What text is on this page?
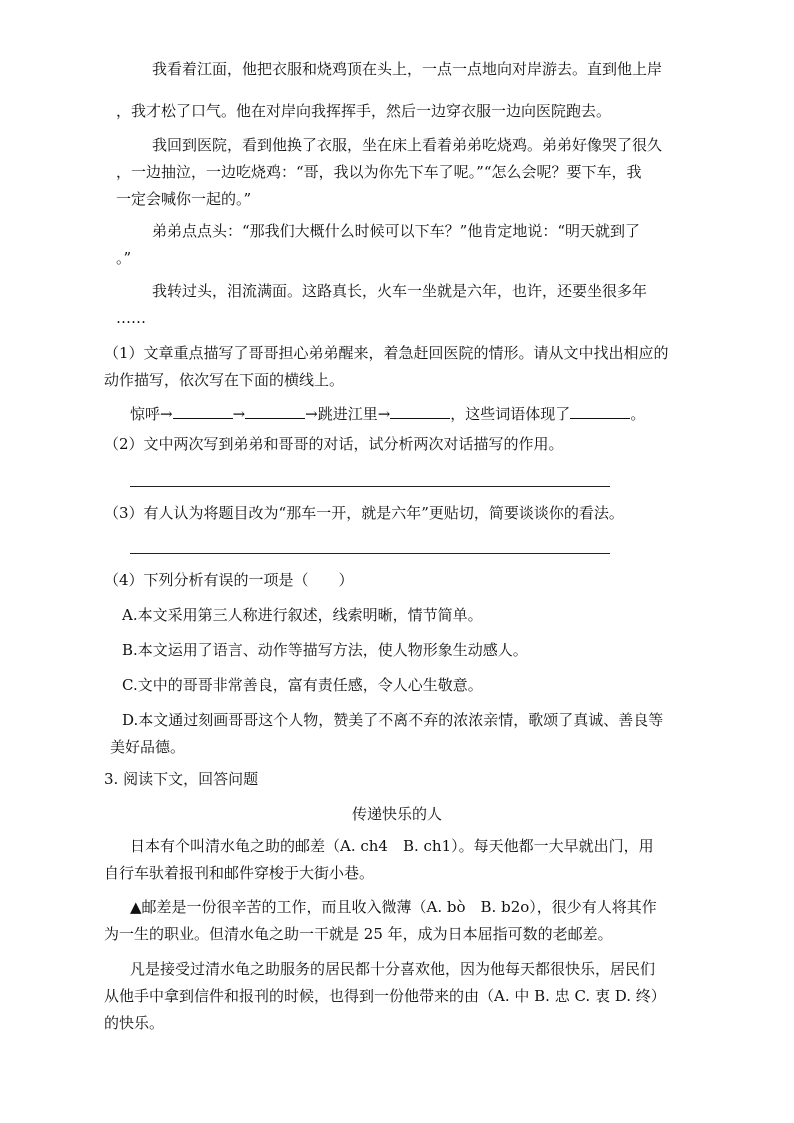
我看着江面，他把衣服和烧鸡顶在头上，一点一点地向对岸游去。直到他上岸
，我才松了口气。他在对岸向我挥挥手，然后一边穿衣服一边向医院跑去。
我回到医院，看到他换了衣服，坐在床上看着弟弟吃烧鸡。弟弟好像哭了很久
，一边抽泣，一边吃烧鸡：“哥，我以为你先下车了呢。”“怎么会呢？要下车，我
一定会喊你一起的。”
弟弟点点头：“那我们大概什么时候可以下车？”他肯定地说：“明天就到了
。”
我转过头，泪流满面。这路真长，火车一坐就是六年，也许，还要坐很多年
……
（1）文章重点描写了哥哥担心弟弟醒来，着急赶回医院的情形。请从文中找出相应的
动作描写，依次写在下面的横线上。
惊呼→	→	→跳进江里→	，这些词语体现了	。
（2）文中两次写到弟弟和哥哥的对话，试分析两次对话描写的作用。
（3）有人认为将题目改为“那车一开，就是六年”更贴切，简要谈谈你的看法。
（4）下列分析有误的一项是（　　）
A.本文采用第三人称进行叙述，线索明晰，情节简单。
B.本文运用了语言、动作等描写方法，使人物形象生动感人。
C.文中的哥哥非常善良，富有责任感，令人心生敬意。
D.本文通过刻画哥哥这个人物，赞美了不离不弃的浓浓亲情，歌颂了真诚、善良等
美好品德。
3. 阅读下文，回答问题
传递快乐的人
日本有个叫清水龟之助的邮差（A. ch4　B. ch1）。每天他都一大早就出门，用
自行车驮着报刊和邮件穿梭于大街小巷。
▲邮差是一份很辛苦的工作，而且收入微薄（A. bò　B. b2o），很少有人将其作
为一生的职业。但清水龟之助一干就是 25 年，成为日本屈指可数的老邮差。
凡是接受过清水龟之助服务的居民都十分喜欢他，因为他每天都很快乐，居民们
从他手中拿到信件和报刊的时候，也得到一份他带来的由（A. 中 B. 忠 C. 衷 D. 终）
的快乐。
